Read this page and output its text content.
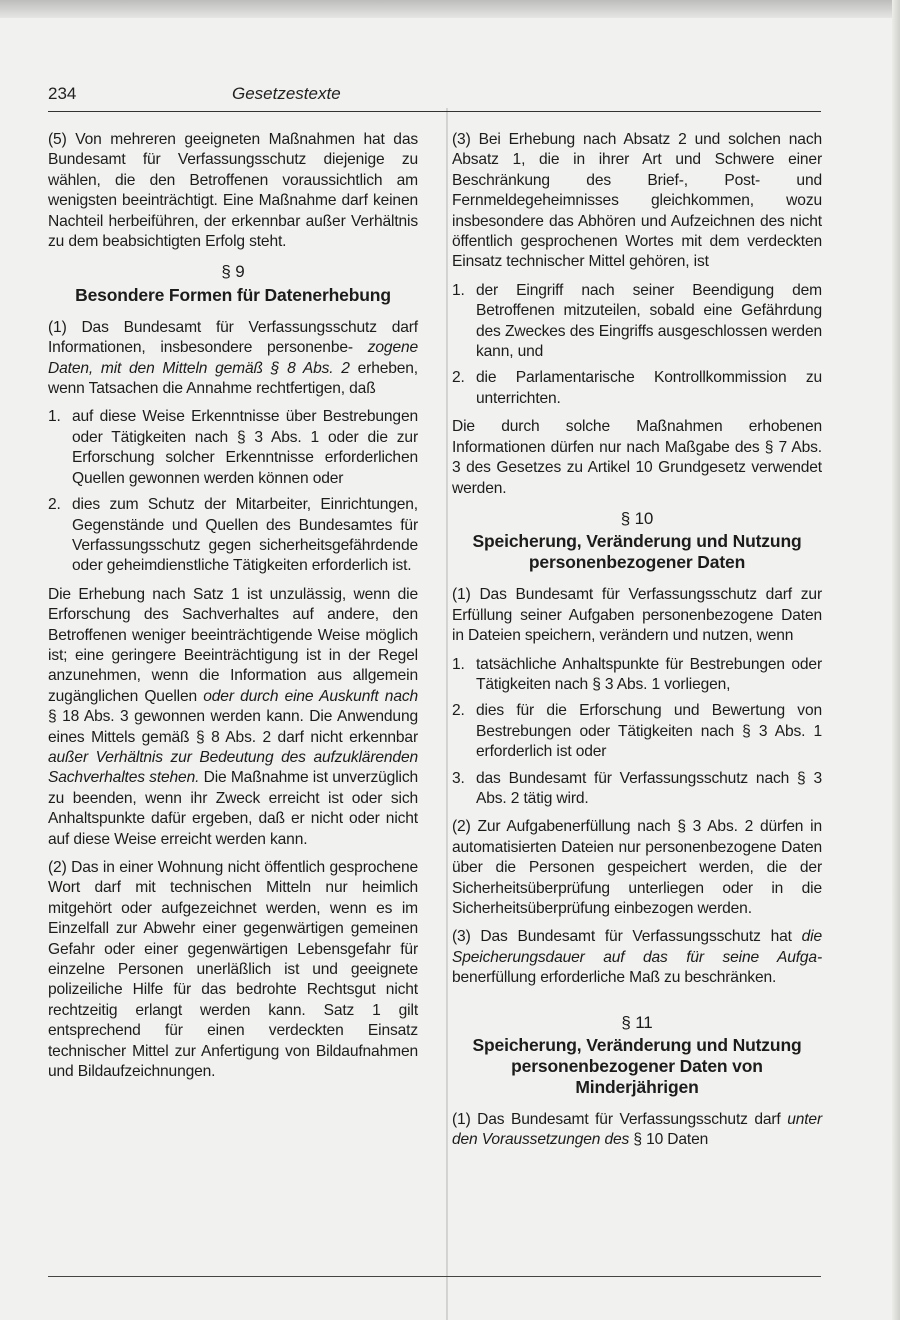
234	Gesetzestexte

(5) Von mehreren geeigneten Maßnahmen hat das Bundesamt für Verfassungsschutz diejenige zu wählen, die den Betroffenen voraussichtlich am wenigsten beeinträchtigt. Eine Maßnahme darf keinen Nachteil herbeiführen, der erkennbar außer Verhältnis zu dem beabsichtigten Erfolg steht.

§ 9
Besondere Formen für Datenerhebung

(1) Das Bundesamt für Verfassungsschutz darf Informationen, insbesondere personenbe- zogene Daten, mit den Mitteln gemäß § 8 Abs. 2 erheben, wenn Tatsachen die Annahme rechtfertigen, daß

1. auf diese Weise Erkenntnisse über Bestrebungen oder Tätigkeiten nach § 3 Abs. 1 oder die zur Erforschung solcher Erkenntnisse erforderlichen Quellen gewonnen werden können oder
2. dies zum Schutz der Mitarbeiter, Einrichtungen, Gegenstände und Quellen des Bundesamtes für Verfassungsschutz gegen sicherheitsgefährdende oder geheimdienstliche Tätigkeiten erforderlich ist.

Die Erhebung nach Satz 1 ist unzulässig, wenn die Erforschung des Sachverhaltes auf andere, den Betroffenen weniger beeinträchtigende Weise möglich ist; eine geringere Beeinträchtigung ist in der Regel anzunehmen, wenn die Information aus allgemein zugänglichen Quellen oder durch eine Auskunft nach § 18 Abs. 3 gewonnen werden kann. Die Anwendung eines Mittels gemäß § 8 Abs. 2 darf nicht erkennbar außer Verhältnis zur Bedeutung des aufzuklärenden Sachverhaltes stehen. Die Maßnahme ist unverzüglich zu beenden, wenn ihr Zweck erreicht ist oder sich Anhaltspunkte dafür ergeben, daß er nicht oder nicht auf diese Weise erreicht werden kann.

(2) Das in einer Wohnung nicht öffentlich gesprochene Wort darf mit technischen Mitteln nur heimlich mitgehört oder aufgezeichnet werden, wenn es im Einzelfall zur Abwehr einer gegenwärtigen gemeinen Gefahr oder einer gegenwärtigen Lebensgefahr für einzelne Personen unerläßlich ist und geeignete polizeiliche Hilfe für das bedrohte Rechtsgut nicht rechtzeitig erlangt werden kann. Satz 1 gilt entsprechend für einen verdeckten Einsatz technischer Mittel zur Anfertigung von Bildaufnahmen und Bildaufzeichnungen.

(3) Bei Erhebung nach Absatz 2 und solchen nach Absatz 1, die in ihrer Art und Schwere einer Beschränkung des Brief-, Post- und Fernmeldegeheimnisses gleichkommen, wozu insbesondere das Abhören und Aufzeichnen des nicht öffentlich gesprochenen Wortes mit dem verdeckten Einsatz technischer Mittel gehören, ist

1. der Eingriff nach seiner Beendigung dem Betroffenen mitzuteilen, sobald eine Gefährdung des Zweckes des Eingriffs ausgeschlossen werden kann, und
2. die Parlamentarische Kontrollkommission zu unterrichten.

Die durch solche Maßnahmen erhobenen Informationen dürfen nur nach Maßgabe des § 7 Abs. 3 des Gesetzes zu Artikel 10 Grundgesetz verwendet werden.

§ 10
Speicherung, Veränderung und Nutzung personenbezogener Daten

(1) Das Bundesamt für Verfassungsschutz darf zur Erfüllung seiner Aufgaben personenbezogene Daten in Dateien speichern, verändern und nutzen, wenn

1. tatsächliche Anhaltspunkte für Bestrebungen oder Tätigkeiten nach § 3 Abs. 1 vorliegen,
2. dies für die Erforschung und Bewertung von Bestrebungen oder Tätigkeiten nach § 3 Abs. 1 erforderlich ist oder
3. das Bundesamt für Verfassungsschutz nach § 3 Abs. 2 tätig wird.

(2) Zur Aufgabenerfüllung nach § 3 Abs. 2 dürfen in automatisierten Dateien nur personenbezogene Daten über die Personen gespeichert werden, die der Sicherheitsüberprüfung unterliegen oder in die Sicherheitsüberprüfung einbezogen werden.

(3) Das Bundesamt für Verfassungsschutz hat die Speicherungsdauer auf das für seine Aufga- benerfüllung erforderliche Maß zu beschränken.

§ 11
Speicherung, Veränderung und Nutzung personenbezogener Daten von Minderjährigen

(1) Das Bundesamt für Verfassungsschutz darf unter den Voraussetzungen des § 10 Daten
